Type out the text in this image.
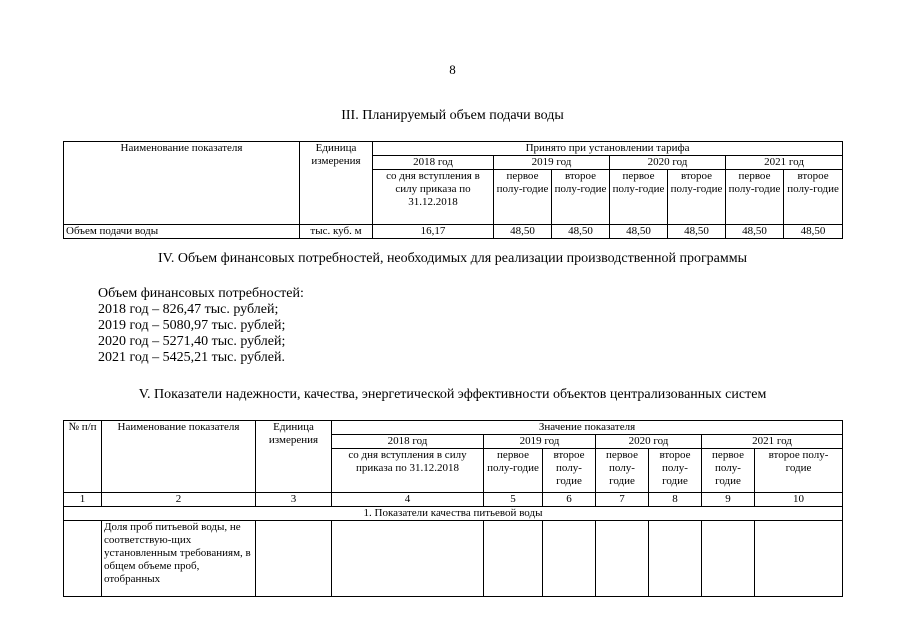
8
III. Планируемый объем подачи воды
Наименование показателя	Единица измерения	Принято при установлении тарифа						
		2018 год	2019 год		2020 год		2021 год	
		со дня вступления в силу приказа по 31.12.2018	первое полу-годие	второе полу-годие	первое полу-годие	второе полу-годие	первое полу-годие	второе полу-годие
Объем подачи воды	тыс. куб. м	16,17	48,50	48,50	48,50	48,50	48,50	48,50
IV. Объем финансовых потребностей, необходимых для реализации производственной программы
Объем финансовых потребностей:
2018 год – 826,47 тыс. рублей;
2019 год – 5080,97 тыс. рублей;
2020 год – 5271,40 тыс. рублей;
2021 год – 5425,21 тыс. рублей.
V. Показатели надежности, качества, энергетической эффективности объектов централизованных систем
№ п/п	Наименование показателя	Единица измерения	Значение показателя						
			2018 год	2019 год		2020 год		2021 год	
			со дня вступления в силу приказа по 31.12.2018	первое полу-годие	второе полу-годие	первое полу-годие	второе полу-годие	первое полу-годие	второе полу-годие
1	2	3	4	5	6	7	8	9	10
1. Показатели качества питьевой воды									
	Доля проб питьевой воды, не соответствую-щих установленным требованиям, в общем объеме проб, отобранных								
